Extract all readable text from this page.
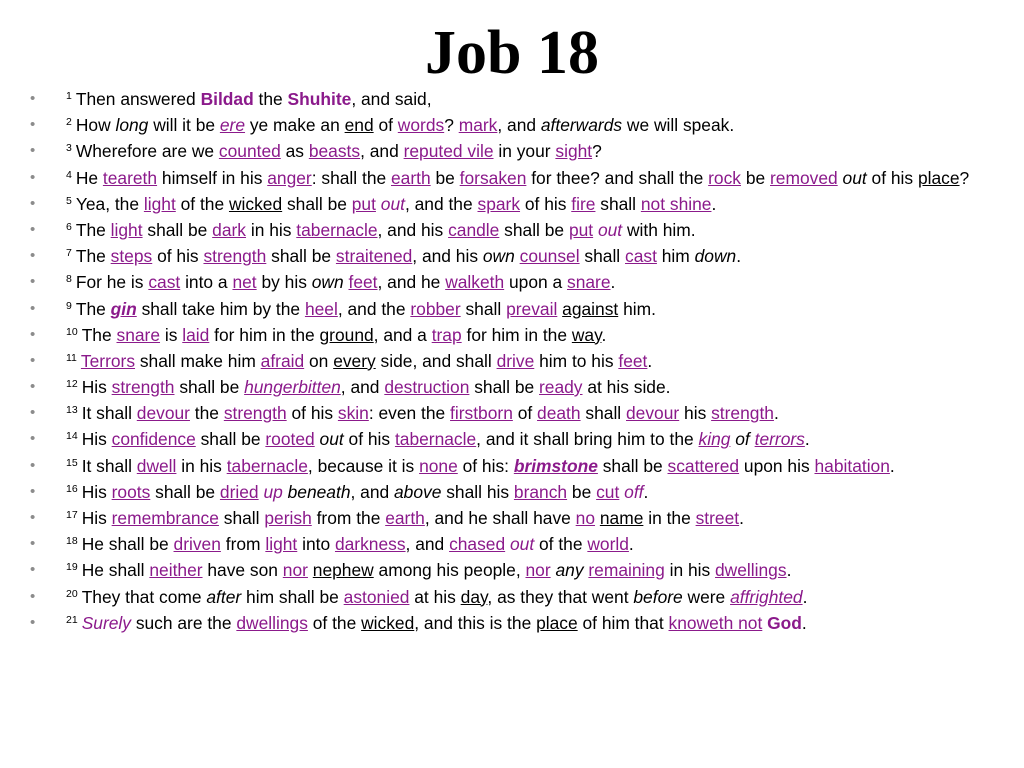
Job 18
•	$^1$ Then answered Bildad the Shuhite, and said,
•	$^2$ How long will it be ere ye make an end of words? mark, and afterwards we will speak.
•	$^3$ Wherefore are we counted as beasts, and reputed vile in your sight?
•	$^4$ He teareth himself in his anger: shall the earth be forsaken for thee? and shall the rock be removed out of his place?
•	$^5$ Yea, the light of the wicked shall be put out, and the spark of his fire shall not shine.
•	$^6$ The light shall be dark in his tabernacle, and his candle shall be put out with him.
•	$^7$ The steps of his strength shall be straitened, and his own counsel shall cast him down.
•	$^8$ For he is cast into a net by his own feet, and he walketh upon a snare.
•	$^9$ The gin shall take him by the heel, and the robber shall prevail against him.
•	$^{10}$ The snare is laid for him in the ground, and a trap for him in the way.
•	$^{11}$ Terrors shall make him afraid on every side, and shall drive him to his feet.
•	$^{12}$ His strength shall be hungerbitten, and destruction shall be ready at his side.
•	$^{13}$ It shall devour the strength of his skin: even the firstborn of death shall devour his strength.
•	$^{14}$ His confidence shall be rooted out of his tabernacle, and it shall bring him to the king of terrors.
•	$^{15}$ It shall dwell in his tabernacle, because it is none of his: brimstone shall be scattered upon his habitation.
•	$^{16}$ His roots shall be dried up beneath, and above shall his branch be cut off.
•	$^{17}$ His remembrance shall perish from the earth, and he shall have no name in the street.
•	$^{18}$ He shall be driven from light into darkness, and chased out of the world.
•	$^{19}$ He shall neither have son nor nephew among his people, nor any remaining in his dwellings.
•	$^{20}$ They that come after him shall be astonied at his day, as they that went before were affrighted.
•	$^{21}$ Surely such are the dwellings of the wicked, and this is the place of him that knoweth not God.
